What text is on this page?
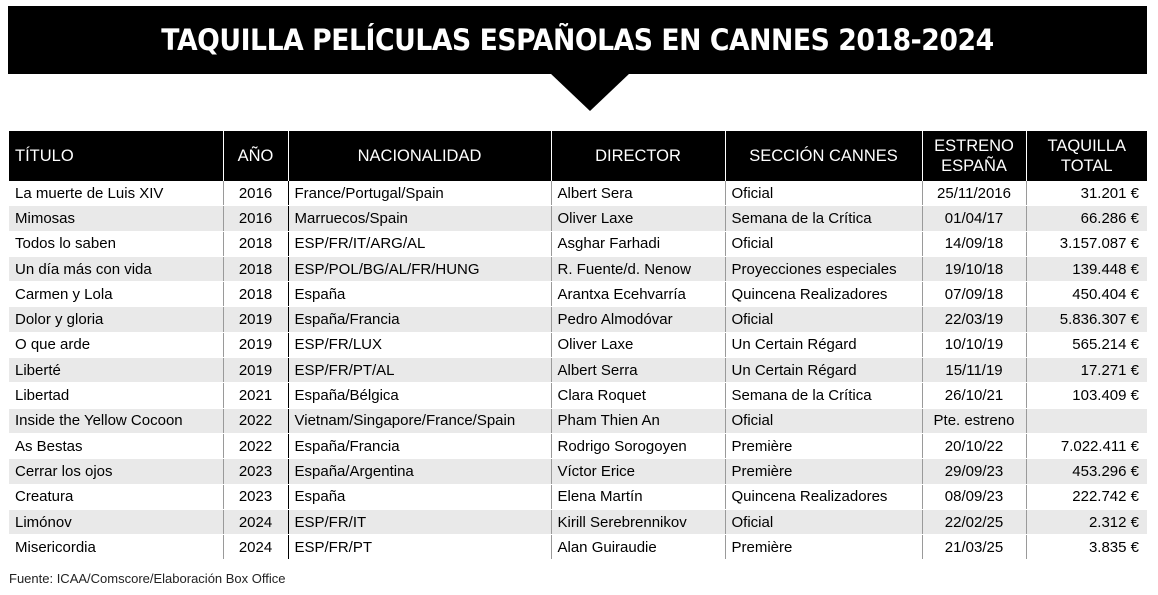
TAQUILLA PELÍCULAS ESPAÑOLAS EN CANNES 2018-2024
TÍTULO	AÑO	NACIONALIDAD	DIRECTOR	SECCIÓN CANNES	ESTRENO ESPAÑA	TAQUILLA TOTAL
La muerte de Luis XIV	2016	France/Portugal/Spain	Albert Sera	Oficial	25/11/2016	31.201 €
Mimosas	2016	Marruecos/Spain	Oliver Laxe	Semana de la Crítica	01/04/17	66.286 €
Todos lo saben	2018	ESP/FR/IT/ARG/AL	Asghar Farhadi	Oficial	14/09/18	3.157.087 €
Un día más con vida	2018	ESP/POL/BG/AL/FR/HUNG	R. Fuente/d. Nenow	Proyecciones especiales	19/10/18	139.448 €
Carmen y Lola	2018	España	Arantxa Ecehvarría	Quincena Realizadores	07/09/18	450.404 €
Dolor y gloria	2019	España/Francia	Pedro Almodóvar	Oficial	22/03/19	5.836.307 €
O que arde	2019	ESP/FR/LUX	Oliver Laxe	Un Certain Régard	10/10/19	565.214 €
Liberté	2019	ESP/FR/PT/AL	Albert Serra	Un Certain Régard	15/11/19	17.271 €
Libertad	2021	España/Bélgica	Clara Roquet	Semana de la Crítica	26/10/21	103.409 €
Inside the Yellow Cocoon	2022	Vietnam/Singapore/France/Spain	Pham Thien An	Oficial	Pte. estreno	
As Bestas	2022	España/Francia	Rodrigo Sorogoyen	Première	20/10/22	7.022.411 €
Cerrar los ojos	2023	España/Argentina	Víctor Erice	Première	29/09/23	453.296 €
Creatura	2023	España	Elena Martín	Quincena Realizadores	08/09/23	222.742 €
Limónov	2024	ESP/FR/IT	Kirill Serebrennikov	Oficial	22/02/25	2.312 €
Misericordia	2024	ESP/FR/PT	Alan Guiraudie	Première	21/03/25	3.835 €
Fuente: ICAA/Comscore/Elaboración Box Office
